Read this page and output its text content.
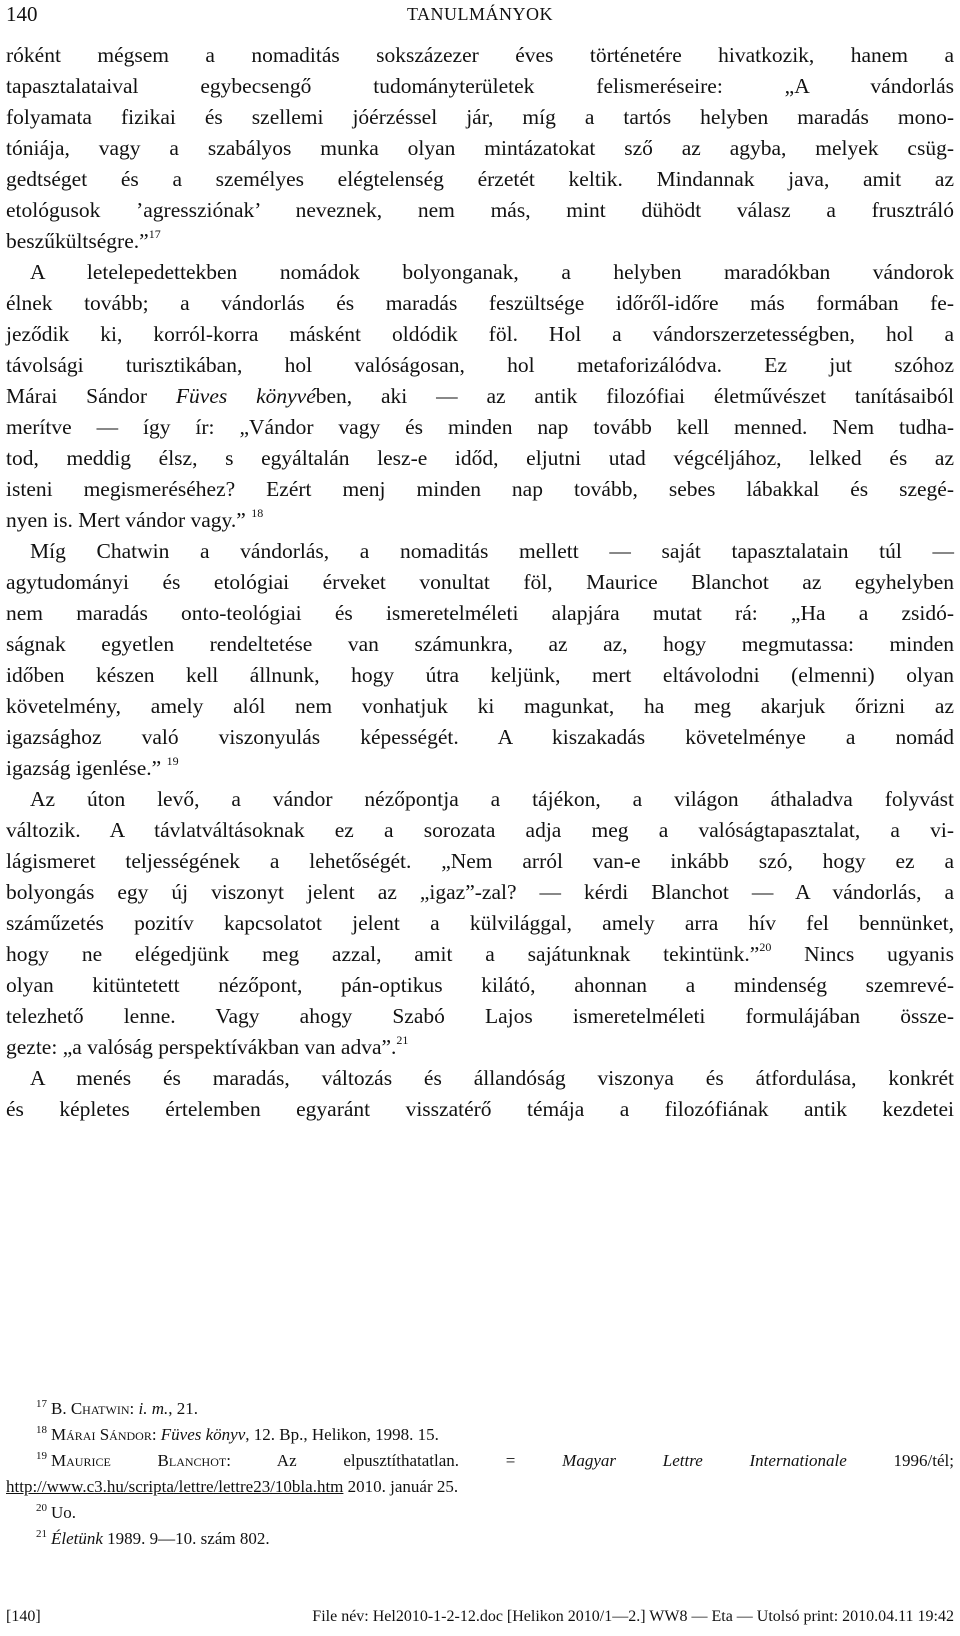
140	TANULMÁNYOK
róként mégsem a nomaditás sokszázezer éves történetére hivatkozik, hanem a
tapasztalataival egybecsengő tudományterületek felismeréseire: „A vándorlás
folyamata fizikai és szellemi jóérzéssel jár, míg a tartós helyben maradás mono-
tóniája, vagy a szabályos munka olyan mintázatokat sző az agyba, melyek csüg-
gedtséget és a személyes elégtelenség érzetét keltik. Mindannak java, amit az
etológusok ’agressziónak’ neveznek, nem más, mint dühödt válasz a frusztráló
beszűkültségre.”$^{17}$
A letelepedettekben nomádok bolyonganak, a helyben maradókban vándorok
élnek tovább; a vándorlás és maradás feszültsége időről-időre más formában fe-
jeződik ki, korról-korra másként oldódik föl. Hol a vándorszerzetességben, hol a
távolsági turisztikában, hol valóságosan, hol metaforizálódva. Ez jut szóhoz
Márai Sándor Füves könyvében, aki — az antik filozófiai életművészet tanításaiból
merítve — így ír: „Vándor vagy és minden nap tovább kell menned. Nem tudha-
tod, meddig élsz, s egyáltalán lesz-e időd, eljutni utad végcéljához, lelked és az
isteni megismeréséhez? Ezért menj minden nap tovább, sebes lábakkal és szegé-
nyen is. Mert vándor vagy.” $^{18}$
Míg Chatwin a vándorlás, a nomaditás mellett — saját tapasztalatain túl —
agytudományi és etológiai érveket vonultat föl, Maurice Blanchot az egyhelyben
nem maradás onto-teológiai és ismeretelméleti alapjára mutat rá: „Ha a zsidó-
ságnak egyetlen rendeltetése van számunkra, az az, hogy megmutassa: minden
időben készen kell állnunk, hogy útra keljünk, mert eltávolodni (elmenni) olyan
követelmény, amely alól nem vonhatjuk ki magunkat, ha meg akarjuk őrizni az
igazsághoz való viszonyulás képességét. A kiszakadás követelménye a nomád
igazság igenlése.” $^{19}$
Az úton levő, a vándor nézőpontja a tájékon, a világon áthaladva folyvást
változik. A távlatváltásoknak ez a sorozata adja meg a valóságtapasztalat, a vi-
lágismeret teljességének a lehetőségét. „Nem arról van-e inkább szó, hogy ez a
bolyongás egy új viszonyt jelent az „igaz”-zal? — kérdi Blanchot — A vándorlás, a
száműzetés pozitív kapcsolatot jelent a külvilággal, amely arra hív fel bennünket,
hogy ne elégedjünk meg azzal, amit a sajátunknak tekintünk.”$^{20}$ Nincs ugyanis
olyan kitüntetett nézőpont, pán-optikus kilátó, ahonnan a mindenség szemrevé-
telezhető lenne. Vagy ahogy Szabó Lajos ismeretelméleti formulájában össze-
gezte: „a valóság perspektívákban van adva”.$^{21}$
A menés és maradás, változás és állandóság viszonya és átfordulása, konkrét
és képletes értelemben egyaránt visszatérő témája a filozófiának antik kezdetei
$^{17}$ B. Chatwin: i. m., 21.
$^{18}$ Márai Sándor: Füves könyv, 12. Bp., Helikon, 1998. 15.
$^{19}$ Maurice Blanchot: Az elpusztíthatatlan. = Magyar Lettre Internationale 1996/tél;
http://www.c3.hu/scripta/lettre/lettre23/10bla.htm 2010. január 25.
$^{20}$ Uo.
$^{21}$ Életünk 1989. 9—10. szám 802.
[140]	File név: Hel2010-1-2-12.doc [Helikon 2010/1—2.] WW8 — Eta — Utolsó print: 2010.04.11 19:42
